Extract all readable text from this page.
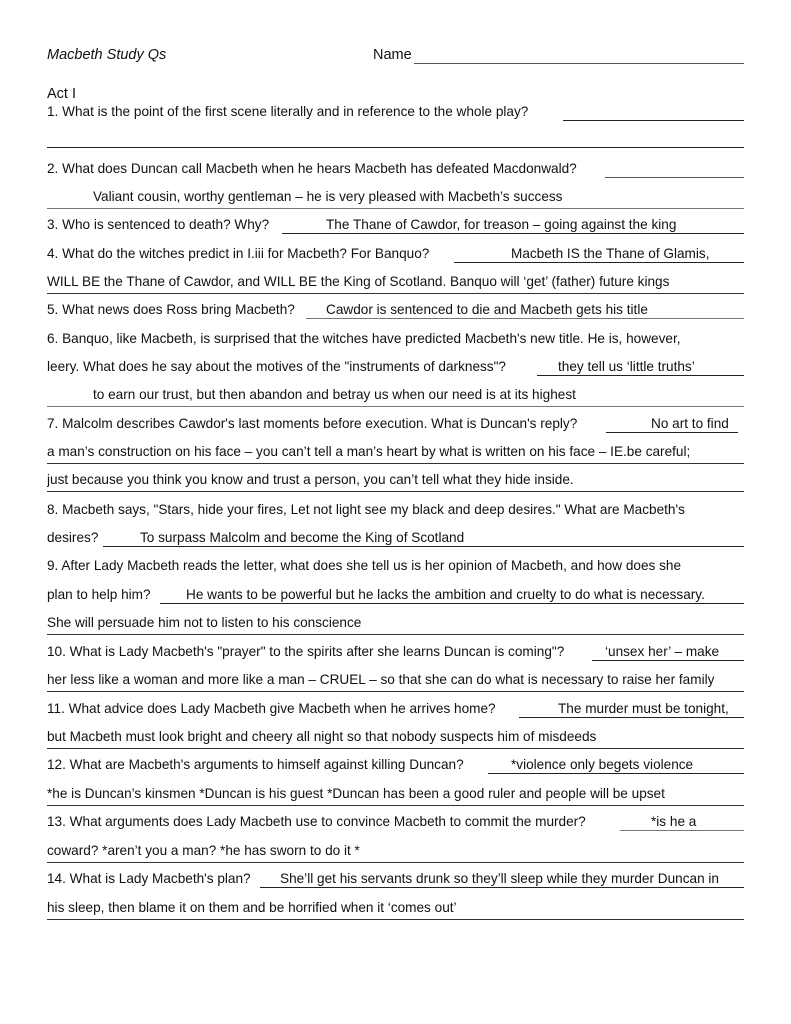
Macbeth Study Qs	Name
Act I
1. What is the point of the first scene literally and in reference to the whole play?
2. What does Duncan call Macbeth when he hears Macbeth has defeated Macdonwald?
Valiant cousin, worthy gentleman – he is very pleased with Macbeth’s success
3. Who is sentenced to death? Why?	The Thane of Cawdor, for treason – going against the king
4. What do the witches predict in I.iii for Macbeth? For Banquo?	Macbeth IS the Thane of Glamis,
WILL BE the Thane of Cawdor, and WILL BE the King of Scotland. Banquo will ‘get’ (father) future kings
5. What news does Ross bring Macbeth?	Cawdor is sentenced to die and Macbeth gets his title
6. Banquo, like Macbeth, is surprised that the witches have predicted Macbeth's new title. He is, however,
leery. What does he say about the motives of the "instruments of darkness"?	they tell us ‘little truths’
to earn our trust, but then abandon and betray us when our need is at its highest
7. Malcolm describes Cawdor's last moments before execution. What is Duncan's reply?	No art to find
a man’s construction on his face – you can’t tell a man’s heart by what is written on his face – IE.be careful;
just because you think you know and trust a person, you can’t tell what they hide inside.
8. Macbeth says, "Stars, hide your fires, Let not light see my black and deep desires." What are Macbeth's
desires?	To surpass Malcolm and become the King of Scotland
9. After Lady Macbeth reads the letter, what does she tell us is her opinion of Macbeth, and how does she
plan to help him?	He wants to be powerful but he lacks the ambition and cruelty to do what is necessary.
She will persuade him not to listen to his conscience
10. What is Lady Macbeth's "prayer" to the spirits after she learns Duncan is coming"?	‘unsex her’ – make
her less like a woman and more like a man – CRUEL – so that she can do what is necessary to raise her family
11. What advice does Lady Macbeth give Macbeth when he arrives home?	The murder must be tonight,
but Macbeth must look bright and cheery all night so that nobody suspects him of misdeeds
12. What are Macbeth's arguments to himself against killing Duncan?	*violence only begets violence
*he is Duncan’s kinsmen *Duncan is his guest *Duncan has been a good ruler and people will be upset
13. What arguments does Lady Macbeth use to convince Macbeth to commit the murder?	*is he a
coward? *aren’t you a man? *he has sworn to do it *
14. What is Lady Macbeth's plan?	She’ll get his servants drunk so they’ll sleep while they murder Duncan in
his sleep, then blame it on them and be horrified when it ‘comes out’
